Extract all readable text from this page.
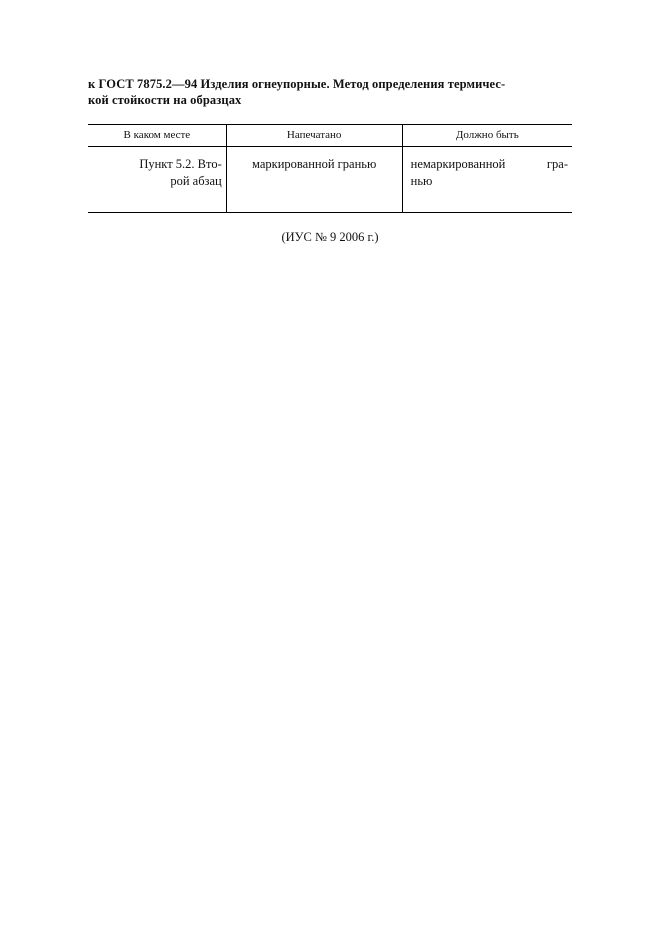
к ГОСТ 7875.2—94 Изделия огнеупорные. Метод определения термичес-
кой стойкости на образцах
В каком месте	Напечатано	Должно быть

Пункт 5.2. Вто-
рой абзац	маркированной гранью	немаркированной гра-
нью
(ИУС № 9 2006 г.)
